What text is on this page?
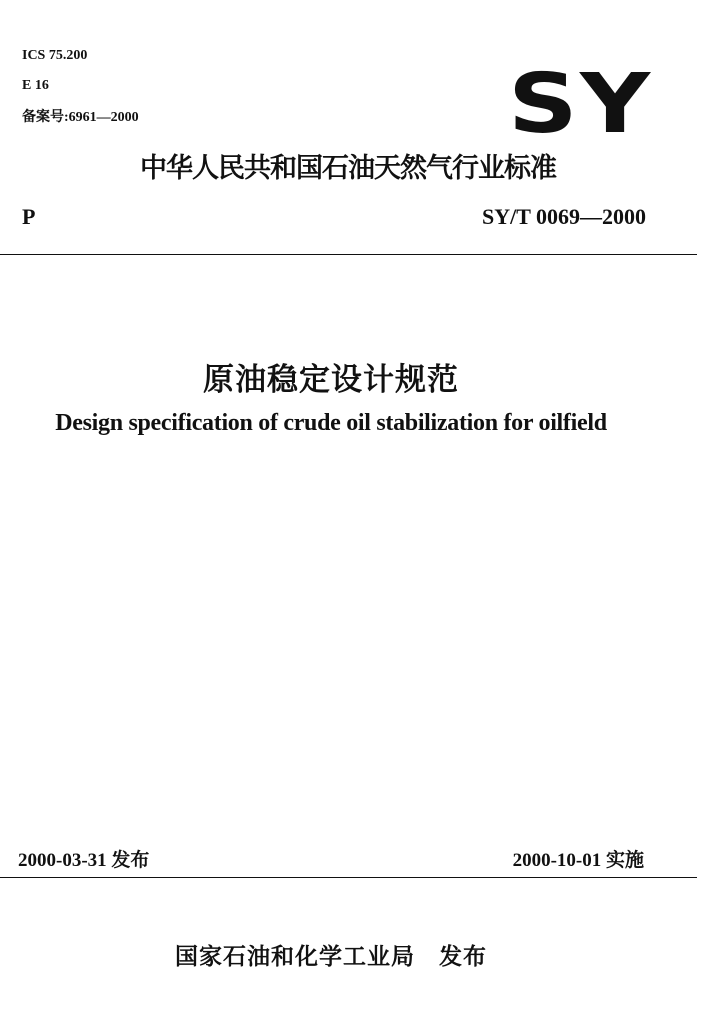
ICS 75.200
E 16
备案号:6961—2000	SY
中华人民共和国石油天然气行业标准
P	SY/T 0069—2000
原油稳定设计规范
Design specification of crude oil stabilization for oilfield
2000-03-31 发布	2000-10-01 实施
国家石油和化学工业局 发布
